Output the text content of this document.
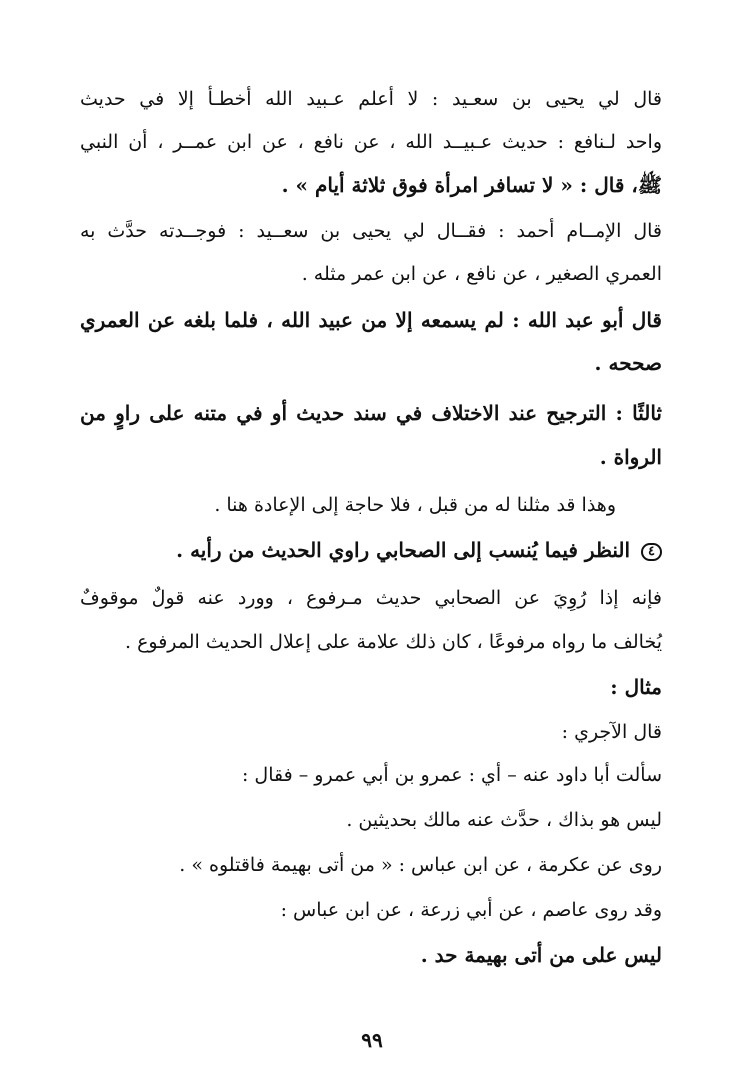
قال لي يحيى بن سعـيد : لا أعلم عـبيد الله أخطـأ إلا في حديث
واحد لـنافع : حديث عـبيــد الله ، عن نافع ، عن ابن عمــر ، أن النبي
ﷺ، قال : « لا تسافر امرأة فوق ثلاثة أيام » .
قال الإمــام أحمد : فقــال لي يحيى بن سعــيد : فوجــدته حدَّث به
العمري الصغير ، عن نافع ، عن ابن عمر مثله .
قال أبو عبد الله : لم يسمعه إلا من عبيد الله ، فلما بلغه عن العمري
صححه .
ثالثًا : الترجيح عند الاختلاف في سند حديث أو في متنه على راوٍ من
الرواة .
وهذا قد مثلنا له من قبل ، فلا حاجة إلى الإعادة هنا .
٤ النظر فيما يُنسب إلى الصحابي راوي الحديث من رأيه .
فإنه إذا رُوِيَ عن الصحابي حديث مـرفوع ، وورد عنه قولٌ موقوفٌ
يُخالف ما رواه مرفوعًا ، كان ذلك علامة على إعلال الحديث المرفوع .
مثال :
قال الآجري :
سألت أبا داود عنه – أي : عمرو بن أبي عمرو – فقال :
ليس هو بذاك ، حدَّث عنه مالك بحديثين .
روى عن عكرمة ، عن ابن عباس : « من أتى بهيمة فاقتلوه » .
وقد روى عاصم ، عن أبي زرعة ، عن ابن عباس :
ليس على من أتى بهيمة حد .
٩٩
